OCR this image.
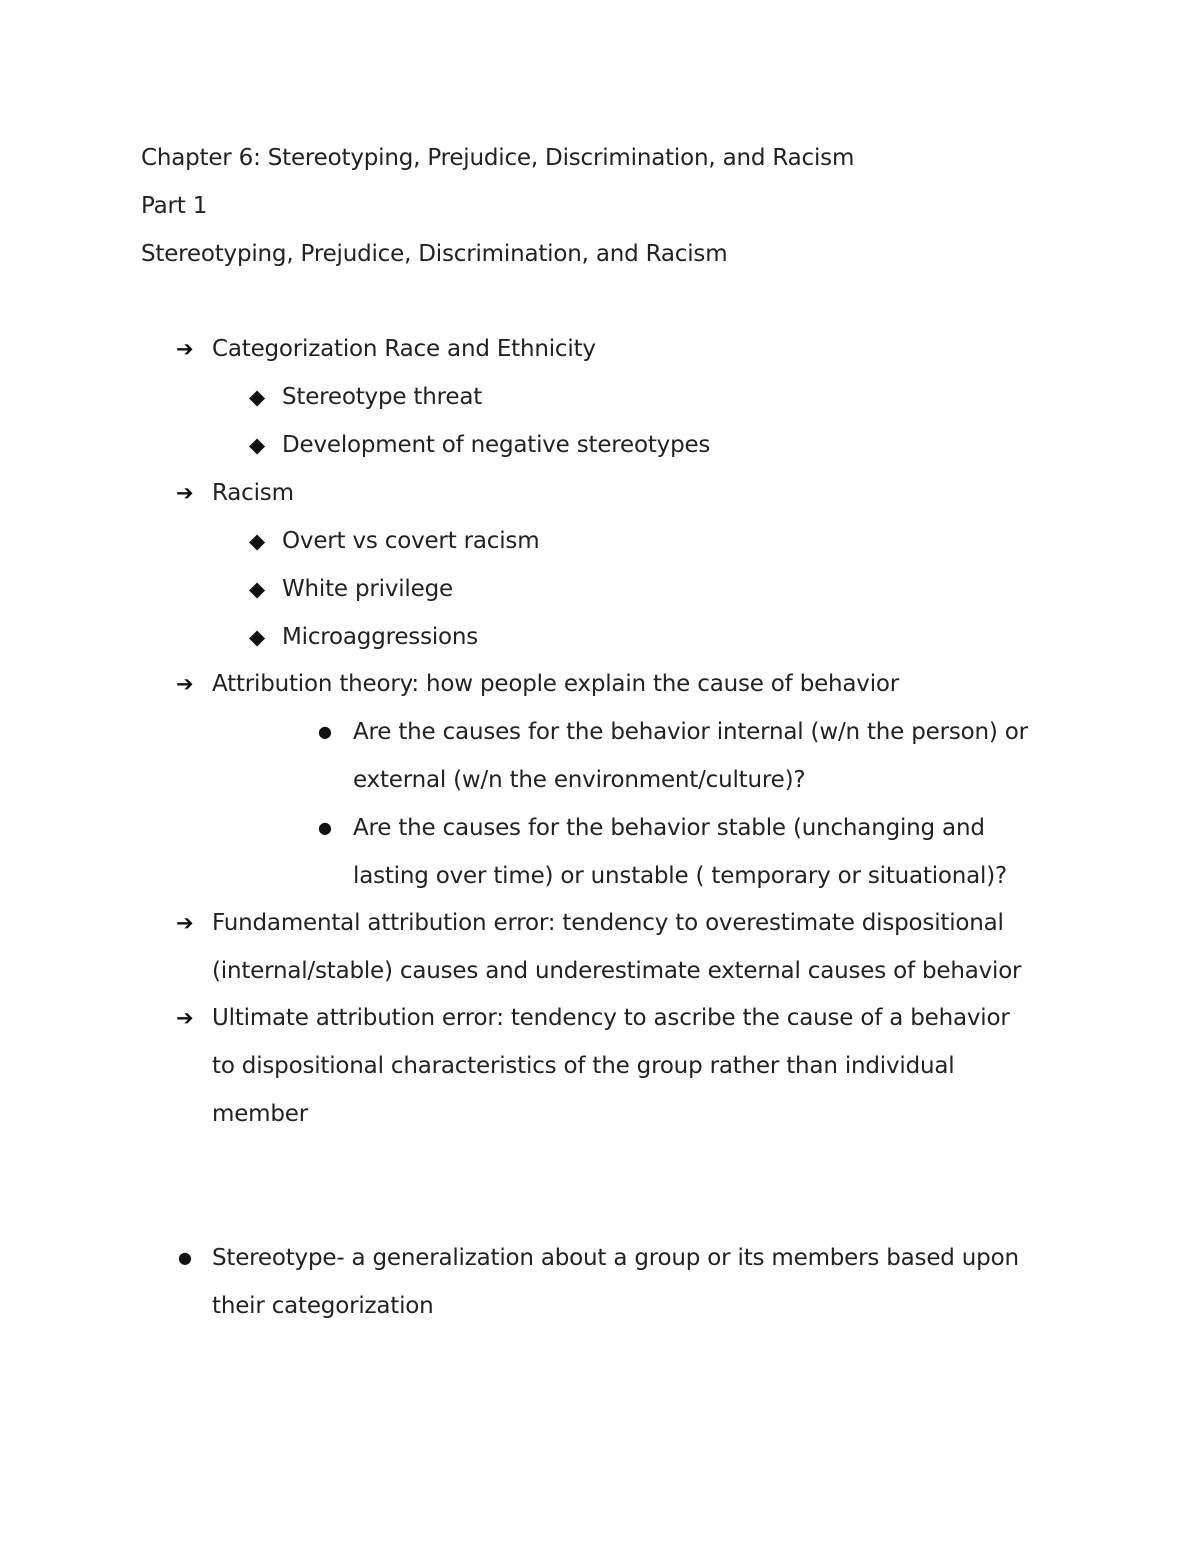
Chapter 6: Stereotyping, Prejudice, Discrimination, and Racism
Part 1
Stereotyping, Prejudice, Discrimination, and Racism
➔ Categorization Race and Ethnicity
◆ Stereotype threat
◆ Development of negative stereotypes
➔ Racism
◆ Overt vs covert racism
◆ White privilege
◆ Microaggressions
➔ Attribution theory: how people explain the cause of behavior
● Are the causes for the behavior internal (w/n the person) or
external (w/n the environment/culture)?
● Are the causes for the behavior stable (unchanging and
lasting over time) or unstable ( temporary or situational)?
➔ Fundamental attribution error: tendency to overestimate dispositional
(internal/stable) causes and underestimate external causes of behavior
➔ Ultimate attribution error: tendency to ascribe the cause of a behavior
to dispositional characteristics of the group rather than individual
member
● Stereotype- a generalization about a group or its members based upon
their categorization
